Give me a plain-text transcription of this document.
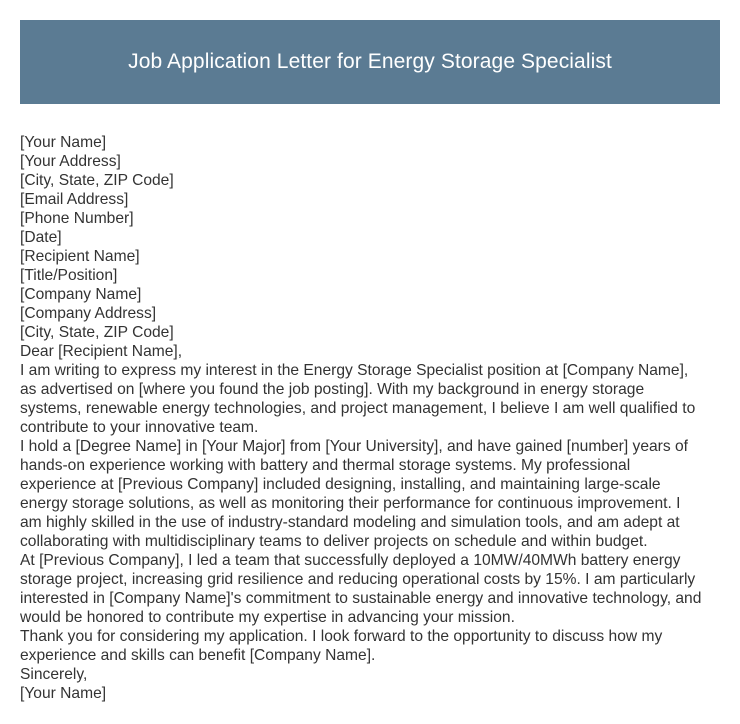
Job Application Letter for Energy Storage Specialist
[Your Name]
[Your Address]
[City, State, ZIP Code]
[Email Address]
[Phone Number]
[Date]
[Recipient Name]
[Title/Position]
[Company Name]
[Company Address]
[City, State, ZIP Code]
Dear [Recipient Name],
I am writing to express my interest in the Energy Storage Specialist position at [Company Name],
as advertised on [where you found the job posting]. With my background in energy storage
systems, renewable energy technologies, and project management, I believe I am well qualified to
contribute to your innovative team.
I hold a [Degree Name] in [Your Major] from [Your University], and have gained [number] years of
hands-on experience working with battery and thermal storage systems. My professional
experience at [Previous Company] included designing, installing, and maintaining large-scale
energy storage solutions, as well as monitoring their performance for continuous improvement. I
am highly skilled in the use of industry-standard modeling and simulation tools, and am adept at
collaborating with multidisciplinary teams to deliver projects on schedule and within budget.
At [Previous Company], I led a team that successfully deployed a 10MW/40MWh battery energy
storage project, increasing grid resilience and reducing operational costs by 15%. I am particularly
interested in [Company Name]'s commitment to sustainable energy and innovative technology, and
would be honored to contribute my expertise in advancing your mission.
Thank you for considering my application. I look forward to the opportunity to discuss how my
experience and skills can benefit [Company Name].
Sincerely,
[Your Name]
